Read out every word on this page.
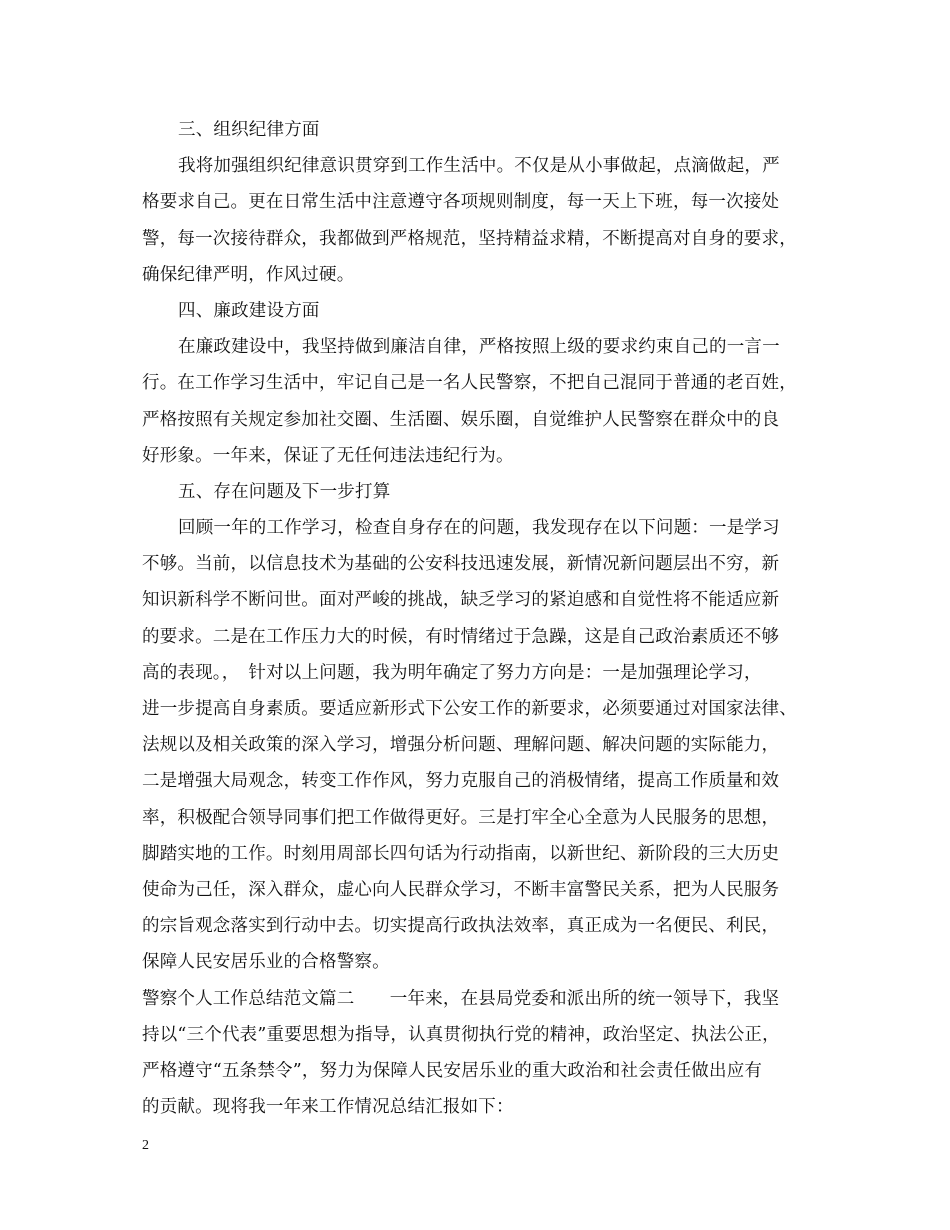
三、组织纪律方面
我将加强组织纪律意识贯穿到工作生活中。不仅是从小事做起，点滴做起，严
格要求自己。更在日常生活中注意遵守各项规则制度，每一天上下班，每一次接处
警，每一次接待群众，我都做到严格规范，坚持精益求精，不断提高对自身的要求，
确保纪律严明，作风过硬。
四、廉政建设方面
在廉政建设中，我坚持做到廉洁自律，严格按照上级的要求约束自己的一言一
行。在工作学习生活中，牢记自己是一名人民警察，不把自己混同于普通的老百姓，
严格按照有关规定参加社交圈、生活圈、娱乐圈，自觉维护人民警察在群众中的良
好形象。一年来，保证了无任何违法违纪行为。
五、存在问题及下一步打算
回顾一年的工作学习，检查自身存在的问题，我发现存在以下问题：一是学习
不够。当前，以信息技术为基础的公安科技迅速发展，新情况新问题层出不穷，新
知识新科学不断问世。面对严峻的挑战，缺乏学习的紧迫感和自觉性将不能适应新
的要求。二是在工作压力大的时候，有时情绪过于急躁，这是自己政治素质还不够
高的表现。，　针对以上问题，我为明年确定了努力方向是：一是加强理论学习，
进一步提高自身素质。要适应新形式下公安工作的新要求，必须要通过对国家法律、
法规以及相关政策的深入学习，增强分析问题、理解问题、解决问题的实际能力，
二是增强大局观念，转变工作作风，努力克服自己的消极情绪，提高工作质量和效
率，积极配合领导同事们把工作做得更好。三是打牢全心全意为人民服务的思想，
脚踏实地的工作。时刻用周部长四句话为行动指南，以新世纪、新阶段的三大历史
使命为己任，深入群众，虚心向人民群众学习，不断丰富警民关系，把为人民服务
的宗旨观念落实到行动中去。切实提高行政执法效率，真正成为一名便民、利民，
保障人民安居乐业的合格警察。
警察个人工作总结范文篇二　　一年来，在县局党委和派出所的统一领导下，我坚
持以“三个代表”重要思想为指导，认真贯彻执行党的精神，政治坚定、执法公正，
严格遵守“五条禁令”，努力为保障人民安居乐业的重大政治和社会责任做出应有
的贡献。现将我一年来工作情况总结汇报如下：
2
